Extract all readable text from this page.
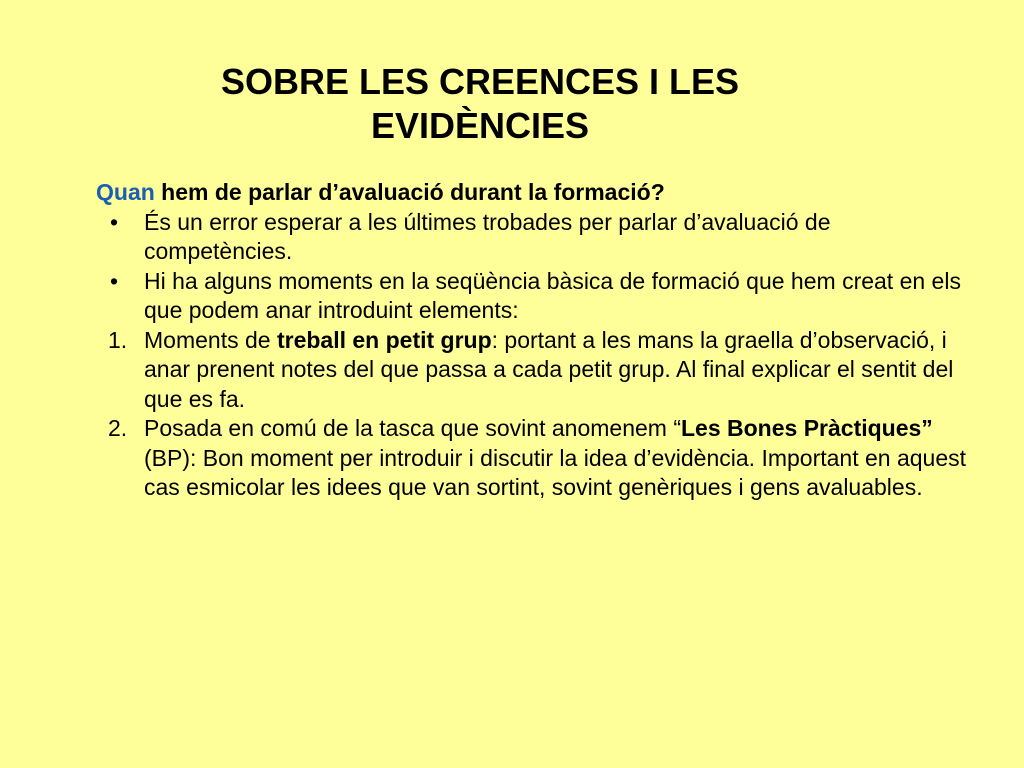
SOBRE LES CREENCES I LES
EVIDÈNCIES

Quan hem de parlar d’avaluació durant la formació?

•	És un error esperar a les últimes trobades per parlar d’avaluació de competències.
•	Hi ha alguns moments en la seqüència bàsica de formació que hem creat en els que podem anar introduint elements:
1. Moments de treball en petit grup: portant a les mans la graella d’observació, i anar prenent notes del que passa a cada petit grup. Al final explicar el sentit del que es fa.
2. Posada en comú de la tasca que sovint anomenem “Les Bones Pràctiques” (BP): Bon moment per introduir i discutir la idea d’evidència. Important en aquest cas esmicolar les idees que van sortint, sovint genèriques i gens avaluables.
